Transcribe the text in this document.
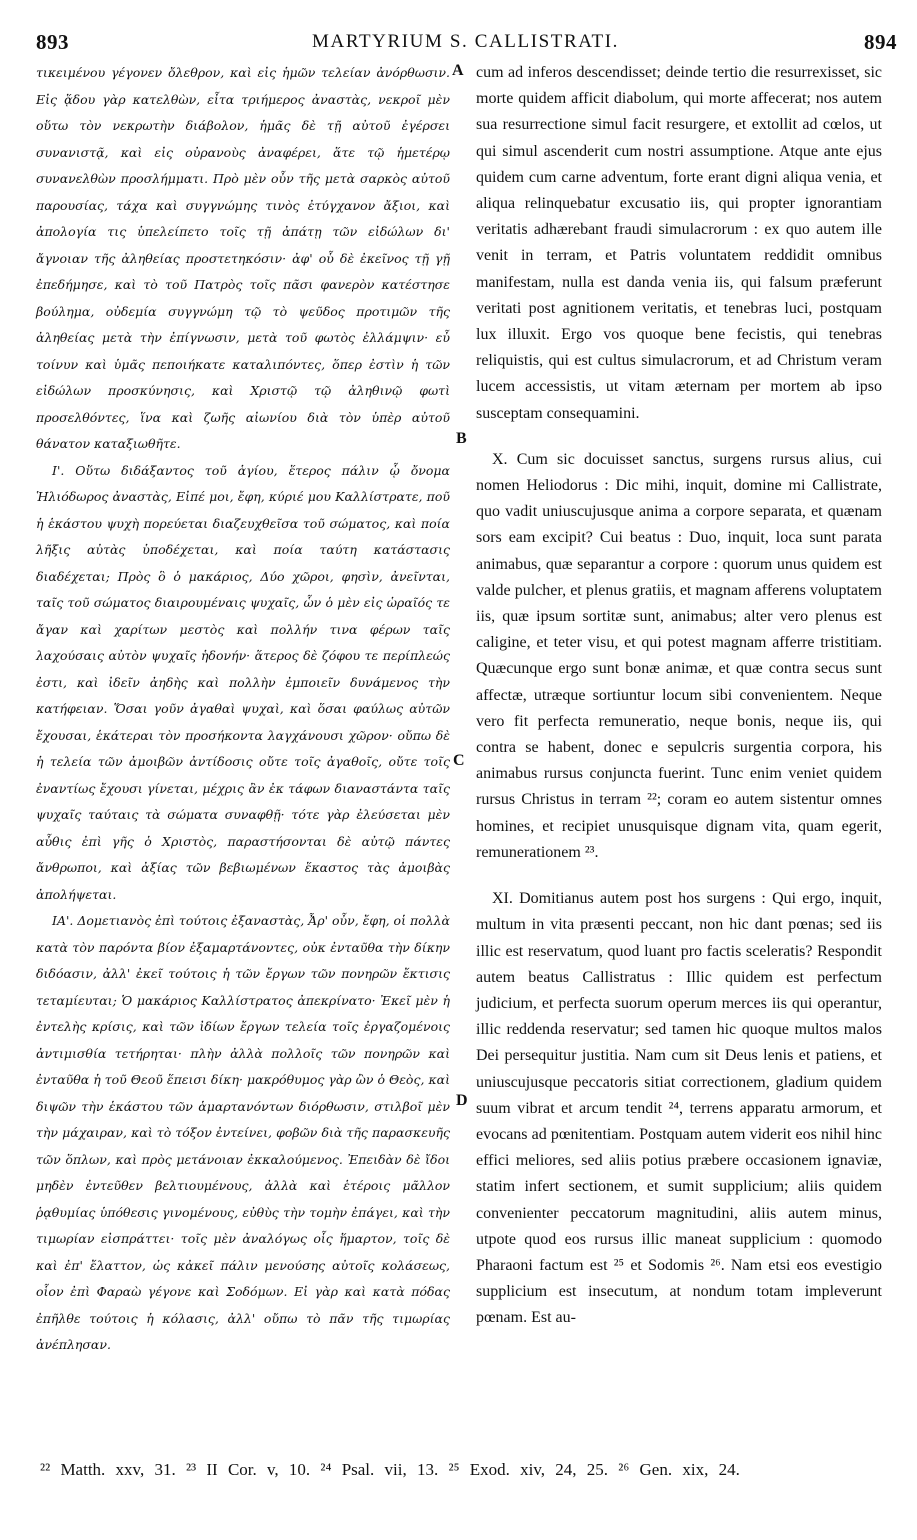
893	MARTYRIUM S. CALLISTRATI.	894

τικειμένου γέγονεν ὄλεθρον, καὶ εἰς ἡμῶν τελείαν ἀνόρθωσιν. Εἰς ᾅδου γὰρ κατελθὼν, εἶτα τριήμερος ἀναστὰς, νεκροῖ μὲν οὕτω τὸν νεκρωτὴν διάβολον, ἡμᾶς δὲ τῇ αὐτοῦ ἐγέρσει συνανιστᾷ, καὶ εἰς οὐρανοὺς ἀναφέρει, ἅτε τῷ ἡμετέρῳ συνανελθὼν προσλήμματι. Πρὸ μὲν οὖν τῆς μετὰ σαρκὸς αὐτοῦ παρουσίας, τάχα καὶ συγγνώμης τινὸς ἐτύγχανον ἄξιοι, καὶ ἀπολογία τις ὑπελείπετο τοῖς τῇ ἀπάτῃ τῶν εἰδώλων δι' ἄγνοιαν τῆς ἀληθείας προστετηκόσιν· ἀφ' οὗ δὲ ἐκεῖνος τῇ γῇ ἐπεδήμησε, καὶ τὸ τοῦ Πατρὸς τοῖς πᾶσι φανερὸν κατέστησε βούλημα, οὐδεμία συγγνώμη τῷ τὸ ψεῦδος προτιμῶν τῆς ἀληθείας μετὰ τὴν ἐπίγνωσιν, μετὰ τοῦ φωτὸς ἐλλάμψιν· εὖ τοίνυν καὶ ὑμᾶς πεποιήκατε καταλιπόντες, ὅπερ ἐστὶν ἡ τῶν εἰδώλων προσκύνησις, καὶ Χριστῷ τῷ ἀληθινῷ φωτὶ προσελθόντες, ἵνα καὶ ζωῆς αἰωνίου διὰ τὸν ὑπὲρ αὐτοῦ θάνατον καταξιωθῆτε.

Ι'. Οὕτω διδάξαντος τοῦ ἁγίου, ἕτερος πάλιν ᾧ ὄνομα Ἡλιόδωρος ἀναστὰς, Εἰπέ μοι, ἔφη, κύριέ μου Καλλίστρατε, ποῦ ἡ ἑκάστου ψυχὴ πορεύεται διαζευχθεῖσα τοῦ σώματος, καὶ ποία λῆξις αὐτὰς ὑποδέχεται, καὶ ποία ταύτη κατάστασις διαδέχεται; Πρὸς ὃ ὁ μακάριος, Δύο χῶροι, φησὶν, ἀνεῖνται, ταῖς τοῦ σώματος διαιρουμέναις ψυχαῖς, ὧν ὁ μὲν εἰς ὡραῖός τε ἄγαν καὶ χαρίτων μεστὸς καὶ πολλήν τινα φέρων ταῖς λαχούσαις αὐτὸν ψυχαῖς ἡδονήν· ἅτερος δὲ ζόφου τε περίπλεώς ἐστι, καὶ ἰδεῖν ἀηδὴς καὶ πολλὴν ἐμποιεῖν δυνάμενος τὴν κατήφειαν. Ὅσαι γοῦν ἀγαθαὶ ψυχαὶ, καὶ ὅσαι φαύλως αὐτῶν ἔχουσαι, ἑκάτεραι τὸν προσήκοντα λαγχάνουσι χῶρον· οὔπω δὲ ἡ τελεία τῶν ἀμοιβῶν ἀντίδοσις οὔτε τοῖς ἀγαθοῖς, οὔτε τοῖς ἐναντίως ἔχουσι γίνεται, μέχρις ἂν ἐκ τάφων διαναστάντα ταῖς ψυχαῖς ταύταις τὰ σώματα συναφθῇ· τότε γὰρ ἐλεύσεται μὲν αὖθις ἐπὶ γῆς ὁ Χριστὸς, παραστήσονται δὲ αὐτῷ πάντες ἄνθρωποι, καὶ ἀξίας τῶν βεβιωμένων ἕκαστος τὰς ἀμοιβὰς ἀπολήψεται.

ΙΑ'. Δομετιανὸς ἐπὶ τούτοις ἐξαναστὰς, Ἆρ' οὖν, ἔφη, οἱ πολλὰ κατὰ τὸν παρόντα βίον ἐξαμαρτάνοντες, οὐκ ἐνταῦθα τὴν δίκην διδόασιν, ἀλλ' ἐκεῖ τούτοις ἡ τῶν ἔργων τῶν πονηρῶν ἔκτισις τεταμίευται; Ὁ μακάριος Καλλίστρατος ἀπεκρίνατο· Ἐκεῖ μὲν ἡ ἐντελὴς κρίσις, καὶ τῶν ἰδίων ἔργων τελεία τοῖς ἐργαζομένοις ἀντιμισθία τετήρηται· πλὴν ἀλλὰ πολλοῖς τῶν πονηρῶν καὶ ἐνταῦθα ἡ τοῦ Θεοῦ ἕπεισι δίκη· μακρόθυμος γὰρ ὢν ὁ Θεὸς, καὶ διψῶν τὴν ἑκάστου τῶν ἁμαρτανόντων διόρθωσιν, στιλβοῖ μὲν τὴν μάχαιραν, καὶ τὸ τόξον ἐντείνει, φοβῶν διὰ τῆς παρασκευῆς τῶν ὅπλων, καὶ πρὸς μετάνοιαν ἐκκαλούμενος. Ἐπειδὰν δὲ ἴδοι μηδὲν ἐντεῦθεν βελτιουμένους, ἀλλὰ καὶ ἑτέροις μᾶλλον ῥᾳθυμίας ὑπόθεσις γινομένους, εὐθὺς τὴν τομὴν ἐπάγει, καὶ τὴν τιμωρίαν εἰσπράττει· τοῖς μὲν ἀναλόγως οἷς ἥμαρτον, τοῖς δὲ καὶ ἐπ' ἔλαττον, ὡς κἀκεῖ πάλιν μενούσης αὐτοῖς κολάσεως, οἷον ἐπὶ Φαραὼ γέγονε καὶ Σοδόμων. Εἰ γὰρ καὶ κατὰ πόδας ἐπῆλθε τούτοις ἡ κόλασις, ἀλλ' οὔπω τὸ πᾶν τῆς τιμωρίας ἀνέπλησαν.

A
B
C
D

cum ad inferos descendisset; deinde tertio die resurrexisset, sic morte quidem afficit diabolum, qui morte affecerat; nos autem sua resurrectione simul facit resurgere, et extollit ad cœlos, ut qui simul ascenderit cum nostri assumptione. Atque ante ejus quidem cum carne adventum, forte erant digni aliqua venia, et aliqua relinquebatur excusatio iis, qui propter ignorantiam veritatis adhærebant fraudi simulacrorum : ex quo autem ille venit in terram, et Patris voluntatem reddidit omnibus manifestam, nulla est danda venia iis, qui falsum præferunt veritati post agnitionem veritatis, et tenebras luci, postquam lux illuxit. Ergo vos quoque bene fecistis, qui tenebras reliquistis, qui est cultus simulacrorum, et ad Christum veram lucem accessistis, ut vitam æternam per mortem ab ipso susceptam consequamini.

X. Cum sic docuisset sanctus, surgens rursus alius, cui nomen Heliodorus : Dic mihi, inquit, domine mi Callistrate, quo vadit uniuscujusque anima a corpore separata, et quænam sors eam excipit? Cui beatus : Duo, inquit, loca sunt parata animabus, quæ separantur a corpore : quorum unus quidem est valde pulcher, et plenus gratiis, et magnam afferens voluptatem iis, quæ ipsum sortitæ sunt, animabus; alter vero plenus est caligine, et teter visu, et qui potest magnam afferre tristitiam. Quæcunque ergo sunt bonæ animæ, et quæ contra secus sunt affectæ, utræque sortiuntur locum sibi convenientem. Neque vero fit perfecta remuneratio, neque bonis, neque iis, qui contra se habent, donec e sepulcris surgentia corpora, his animabus rursus conjuncta fuerint. Tunc enim veniet quidem rursus Christus in terram ²²; coram eo autem sistentur omnes homines, et recipiet unusquisque dignam vita, quam egerit, remunerationem ²³.

XI. Domitianus autem post hos surgens : Qui ergo, inquit, multum in vita præsenti peccant, non hic dant pœnas; sed iis illic est reservatum, quod luant pro factis sceleratis? Respondit autem beatus Callistratus : Illic quidem est perfectum judicium, et perfecta suorum operum merces iis qui operantur, illic reddenda reservatur; sed tamen hic quoque multos malos Dei persequitur justitia. Nam cum sit Deus lenis et patiens, et uniuscujusque peccatoris sitiat correctionem, gladium quidem suum vibrat et arcum tendit ²⁴, terrens apparatu armorum, et evocans ad pœnitentiam. Postquam autem viderit eos nihil hinc effici meliores, sed aliis potius præbere occasionem ignaviæ, statim infert sectionem, et sumit supplicium; aliis quidem convenienter peccatorum magnitudini, aliis autem minus, utpote quod eos rursus illic maneat supplicium : quomodo Pharaoni factum est ²⁵ et Sodomis ²⁶. Nam etsi eos evestigio supplicium est insecutum, at nondum totam impleverunt pœnam. Est au-

²² Matth. xxv, 31. ²³ II Cor. v, 10. ²⁴ Psal. vii, 13. ²⁵ Exod. xiv, 24, 25. ²⁶ Gen. xix, 24.
